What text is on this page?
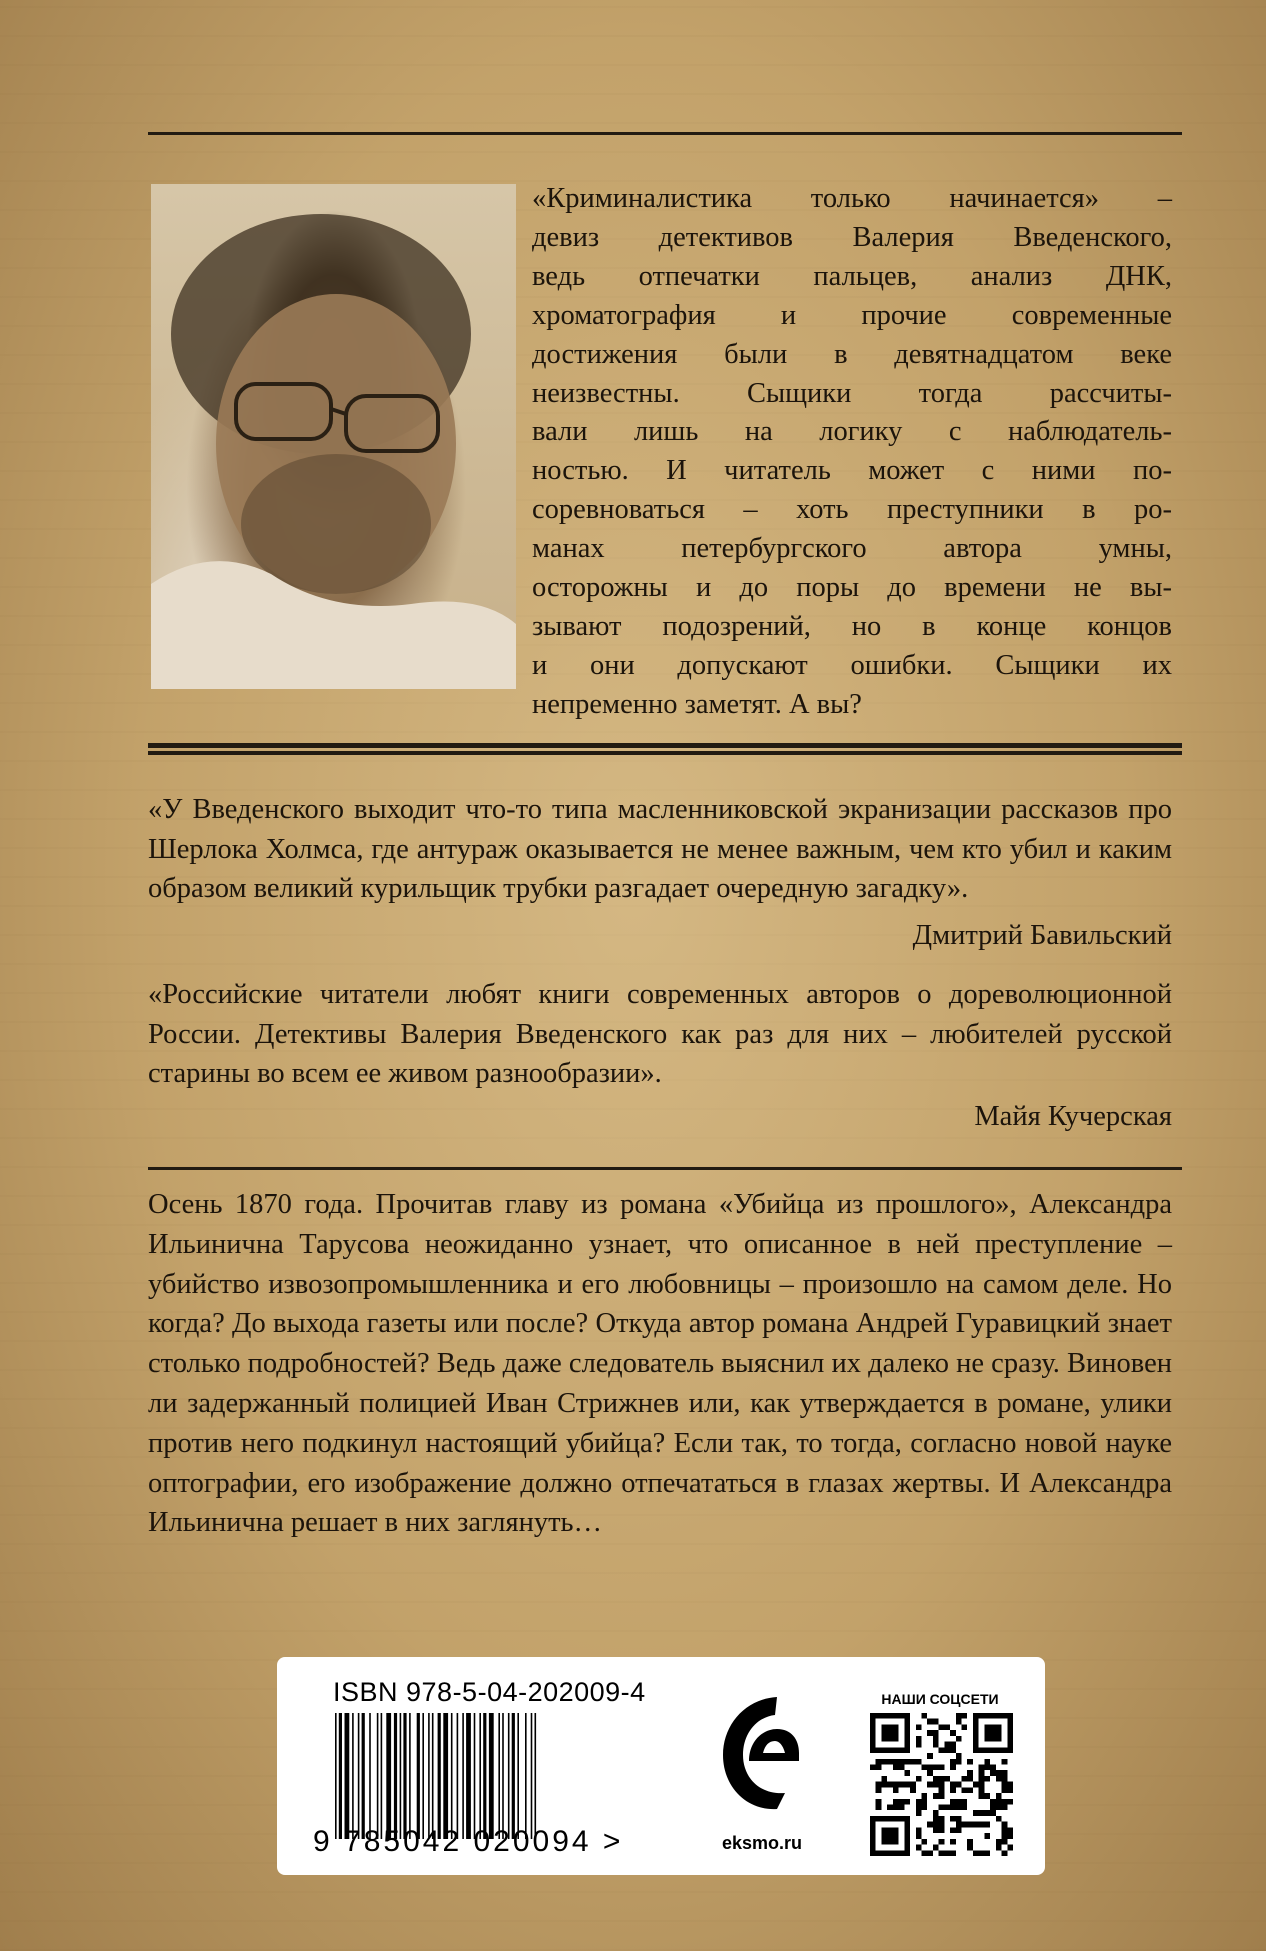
«Криминалистика только начинается» –
девиз детективов Валерия Введенского,
ведь отпечатки пальцев, анализ ДНК,
хроматография и прочие современные
достижения были в девятнадцатом веке
неизвестны. Сыщики тогда рассчиты-
вали лишь на логику с наблюдатель-
ностью. И читатель может с ними по-
соревноваться – хоть преступники в ро-
манах петербургского автора умны,
осторожны и до поры до времени не вы-
зывают подозрений, но в конце концов
и они допускают ошибки. Сыщики их
непременно заметят. А вы?

«У Введенского выходит что-то типа масленниковской экранизации рассказов про Шерлока Холмса, где антураж оказывается не менее важным, чем кто убил и каким образом великий курильщик трубки разгадает очередную загадку».

Дмитрий Бавильский

«Российские читатели любят книги современных авторов о дореволюционной России. Детективы Валерия Введенского как раз для них – любителей русской старины во всем ее живом разнообразии».

Майя Кучерская

Осень 1870 года. Прочитав главу из романа «Убийца из прошлого», Александра Ильинична Тарусова неожиданно узнает, что описанное в ней преступление – убийство извозопромышленника и его любовницы – произошло на самом деле. Но когда? До выхода газеты или после? Откуда автор романа Андрей Гуравицкий знает столько подробностей? Ведь даже следователь выяснил их далеко не сразу. Виновен ли задержанный полицией Иван Стрижнев или, как утверждается в романе, улики против него подкинул настоящий убийца? Если так, то тогда, согласно новой науке оптографии, его изображение должно отпечататься в глазах жертвы. И Александра Ильинична решает в них заглянуть…

ISBN 978-5-04-202009-4
9 785042 020094 >	eksmo.ru
НАШИ СОЦСЕТИ
